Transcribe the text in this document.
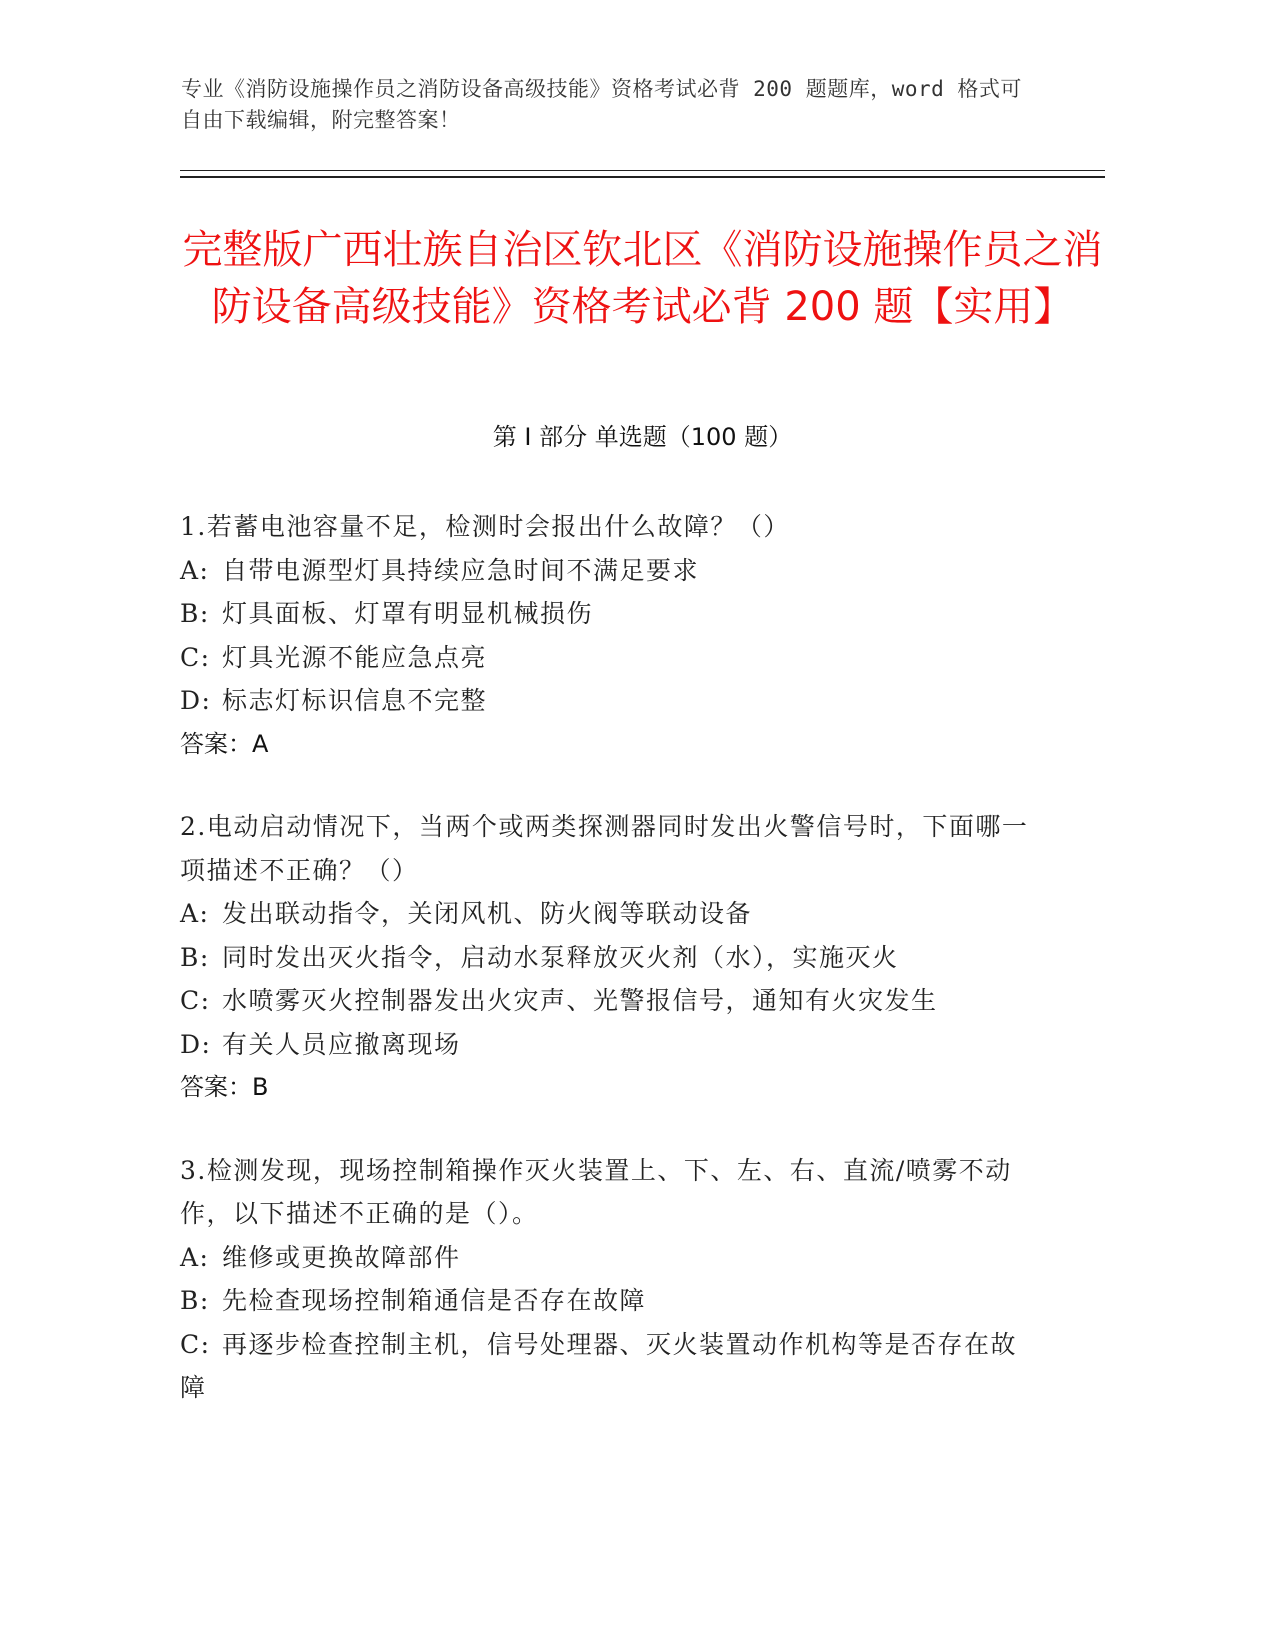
专业《消防设施操作员之消防设备高级技能》资格考试必背 200 题题库，word 格式可自由下载编辑，附完整答案！
完整版广西壮族自治区钦北区《消防设施操作员之消防设备高级技能》资格考试必背 200 题【实用】
第 I 部分 单选题（100 题）
1.若蓄电池容量不足，检测时会报出什么故障？（）
A: 自带电源型灯具持续应急时间不满足要求
B: 灯具面板、灯罩有明显机械损伤
C: 灯具光源不能应急点亮
D: 标志灯标识信息不完整
答案：A
2.电动启动情况下，当两个或两类探测器同时发出火警信号时，下面哪一项描述不正确？（）
A: 发出联动指令，关闭风机、防火阀等联动设备
B: 同时发出灭火指令，启动水泵释放灭火剂（水），实施灭火
C: 水喷雾灭火控制器发出火灾声、光警报信号，通知有火灾发生
D: 有关人员应撤离现场
答案：B
3.检测发现，现场控制箱操作灭火装置上、下、左、右、直流/喷雾不动作，以下描述不正确的是（）。
A: 维修或更换故障部件
B: 先检查现场控制箱通信是否存在故障
C: 再逐步检查控制主机，信号处理器、灭火装置动作机构等是否存在故障
